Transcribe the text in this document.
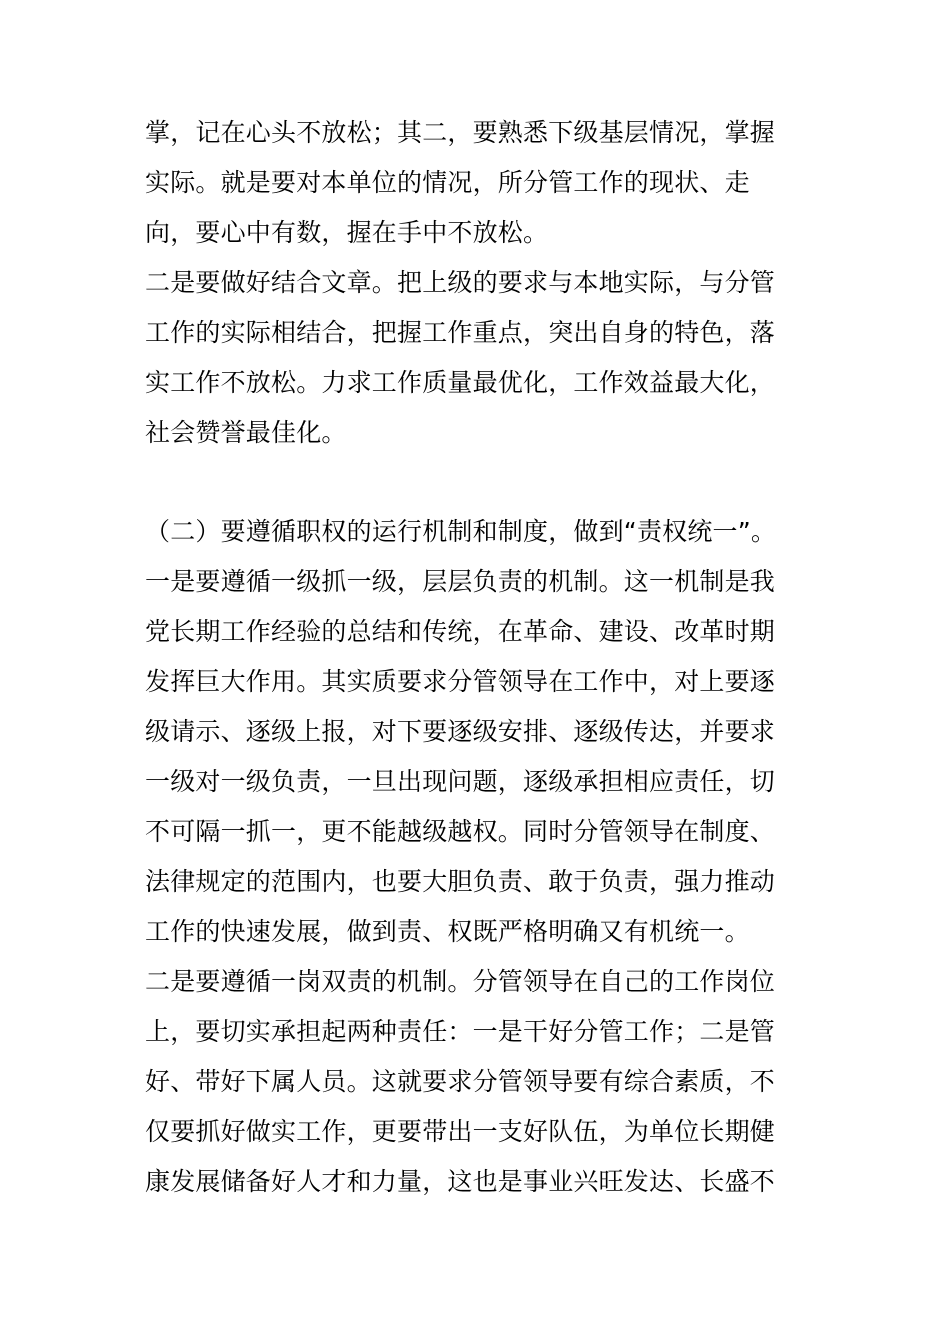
掌，记在心头不放松；其二，要熟悉下级基层情况，掌握
实际。就是要对本单位的情况，所分管工作的现状、走
向，要心中有数，握在手中不放松。
二是要做好结合文章。把上级的要求与本地实际，与分管
工作的实际相结合，把握工作重点，突出自身的特色，落
实工作不放松。力求工作质量最优化，工作效益最大化，
社会赞誉最佳化。
（二）要遵循职权的运行机制和制度，做到“责权统一”。
一是要遵循一级抓一级，层层负责的机制。这一机制是我
党长期工作经验的总结和传统，在革命、建设、改革时期
发挥巨大作用。其实质要求分管领导在工作中，对上要逐
级请示、逐级上报，对下要逐级安排、逐级传达，并要求
一级对一级负责，一旦出现问题，逐级承担相应责任，切
不可隔一抓一，更不能越级越权。同时分管领导在制度、
法律规定的范围内，也要大胆负责、敢于负责，强力推动
工作的快速发展，做到责、权既严格明确又有机统一。
二是要遵循一岗双责的机制。分管领导在自己的工作岗位
上，要切实承担起两种责任：一是干好分管工作；二是管
好、带好下属人员。这就要求分管领导要有综合素质，不
仅要抓好做实工作，更要带出一支好队伍，为单位长期健
康发展储备好人才和力量，这也是事业兴旺发达、长盛不
